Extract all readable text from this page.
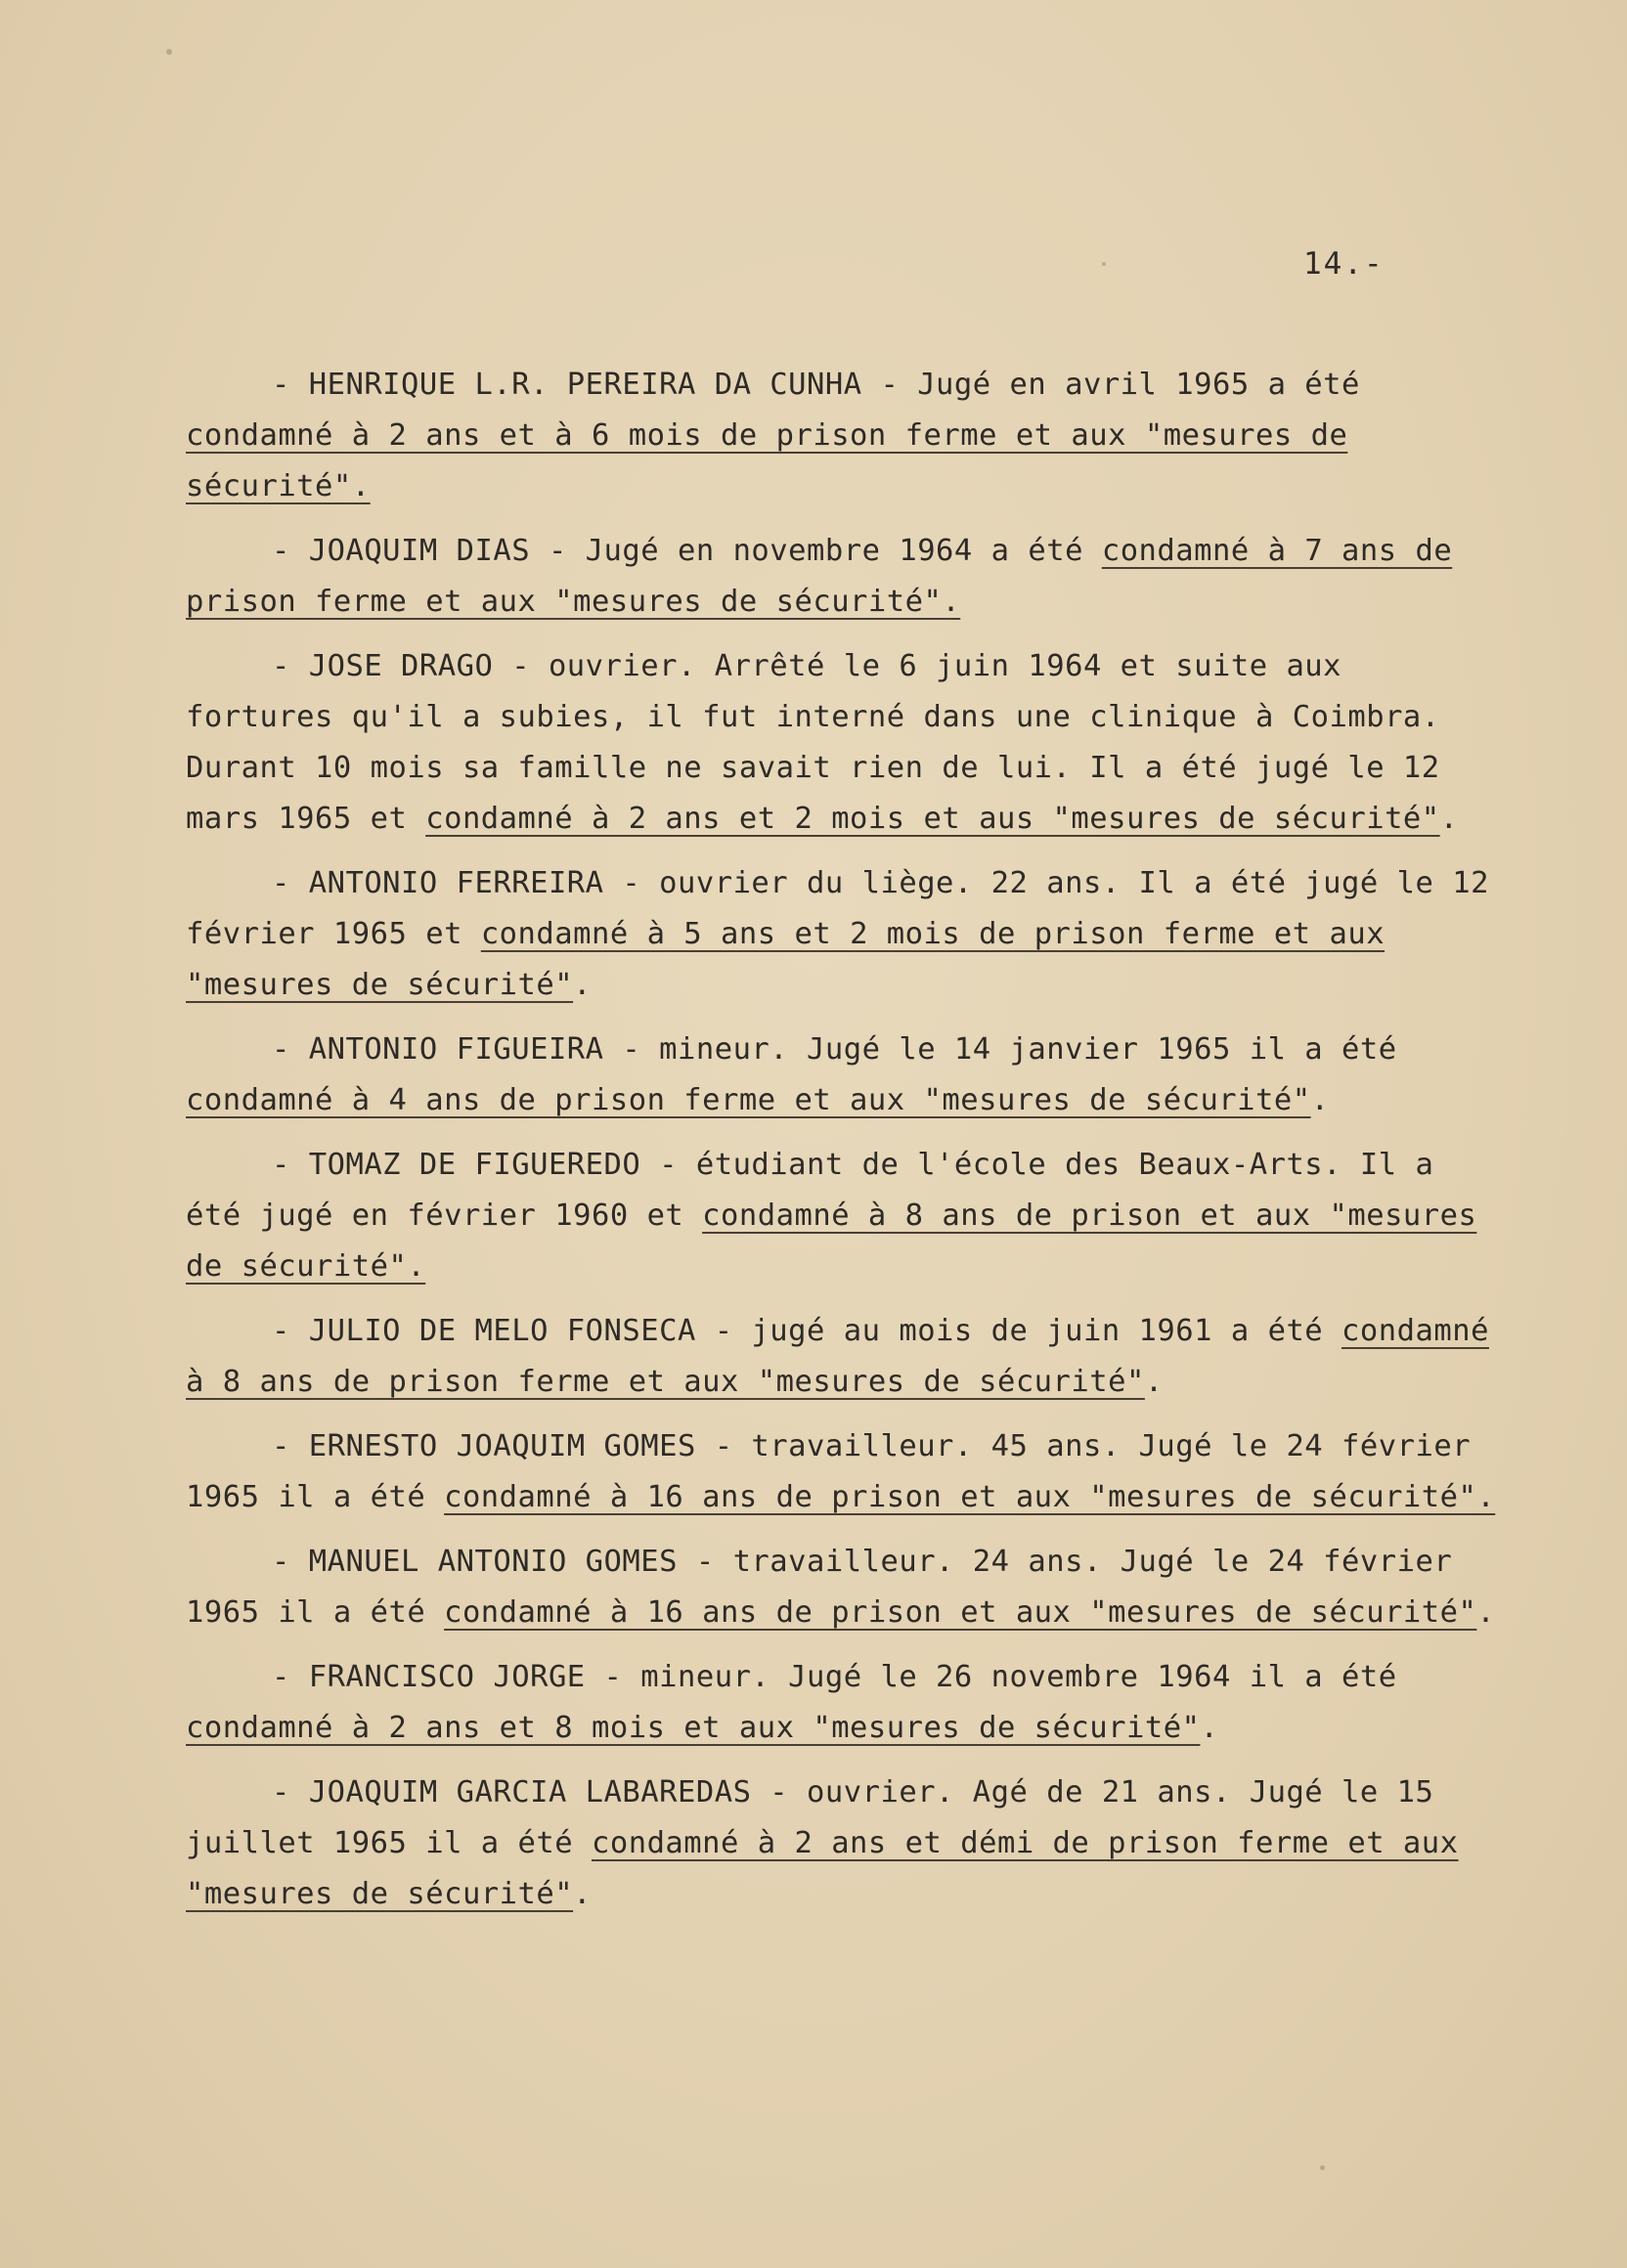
14.-

- HENRIQUE L.R. PEREIRA DA CUNHA - Jugé en avril 1965 a été condamné à 2 ans et à 6 mois de prison ferme et aux "mesures de sécurité".

- JOAQUIM DIAS - Jugé en novembre 1964 a été condamné à 7 ans de prison ferme et aux "mesures de sécurité".

- JOSE DRAGO - ouvrier. Arrêté le 6 juin 1964 et suite aux fortures qu'il a subies, il fut interné dans une clinique à Coimbra. Durant 10 mois sa famille ne savait rien de lui. Il a été jugé le 12 mars 1965 et condamné à 2 ans et 2 mois et aus "mesures de sécurité".

- ANTONIO FERREIRA - ouvrier du liège. 22 ans. Il a été jugé le 12 février 1965 et condamné à 5 ans et 2 mois de prison ferme et aux "mesures de sécurité".

- ANTONIO FIGUEIRA - mineur. Jugé le 14 janvier 1965 il a été condamné à 4 ans de prison ferme et aux "mesures de sécurité".

- TOMAZ DE FIGUEREDO - étudiant de l'école des Beaux-Arts. Il a été jugé en février 1960 et condamné à 8 ans de prison et aux "mesures de sécurité".

- JULIO DE MELO FONSECA - jugé au mois de juin 1961 a été condamné à 8 ans de prison ferme et aux "mesures de sécurité".

- ERNESTO JOAQUIM GOMES - travailleur. 45 ans. Jugé le 24 février 1965 il a été condamné à 16 ans de prison et aux "mesures de sécurité".

- MANUEL ANTONIO GOMES - travailleur. 24 ans. Jugé le 24 février 1965 il a été condamné à 16 ans de prison et aux "mesures de sécurité".

- FRANCISCO JORGE - mineur. Jugé le 26 novembre 1964 il a été condamné à 2 ans et 8 mois et aux "mesures de sécurité".

- JOAQUIM GARCIA LABAREDAS - ouvrier. Agé de 21 ans. Jugé le 15 juillet 1965 il a été condamné à 2 ans et démi de prison ferme et aux "mesures de sécurité".
